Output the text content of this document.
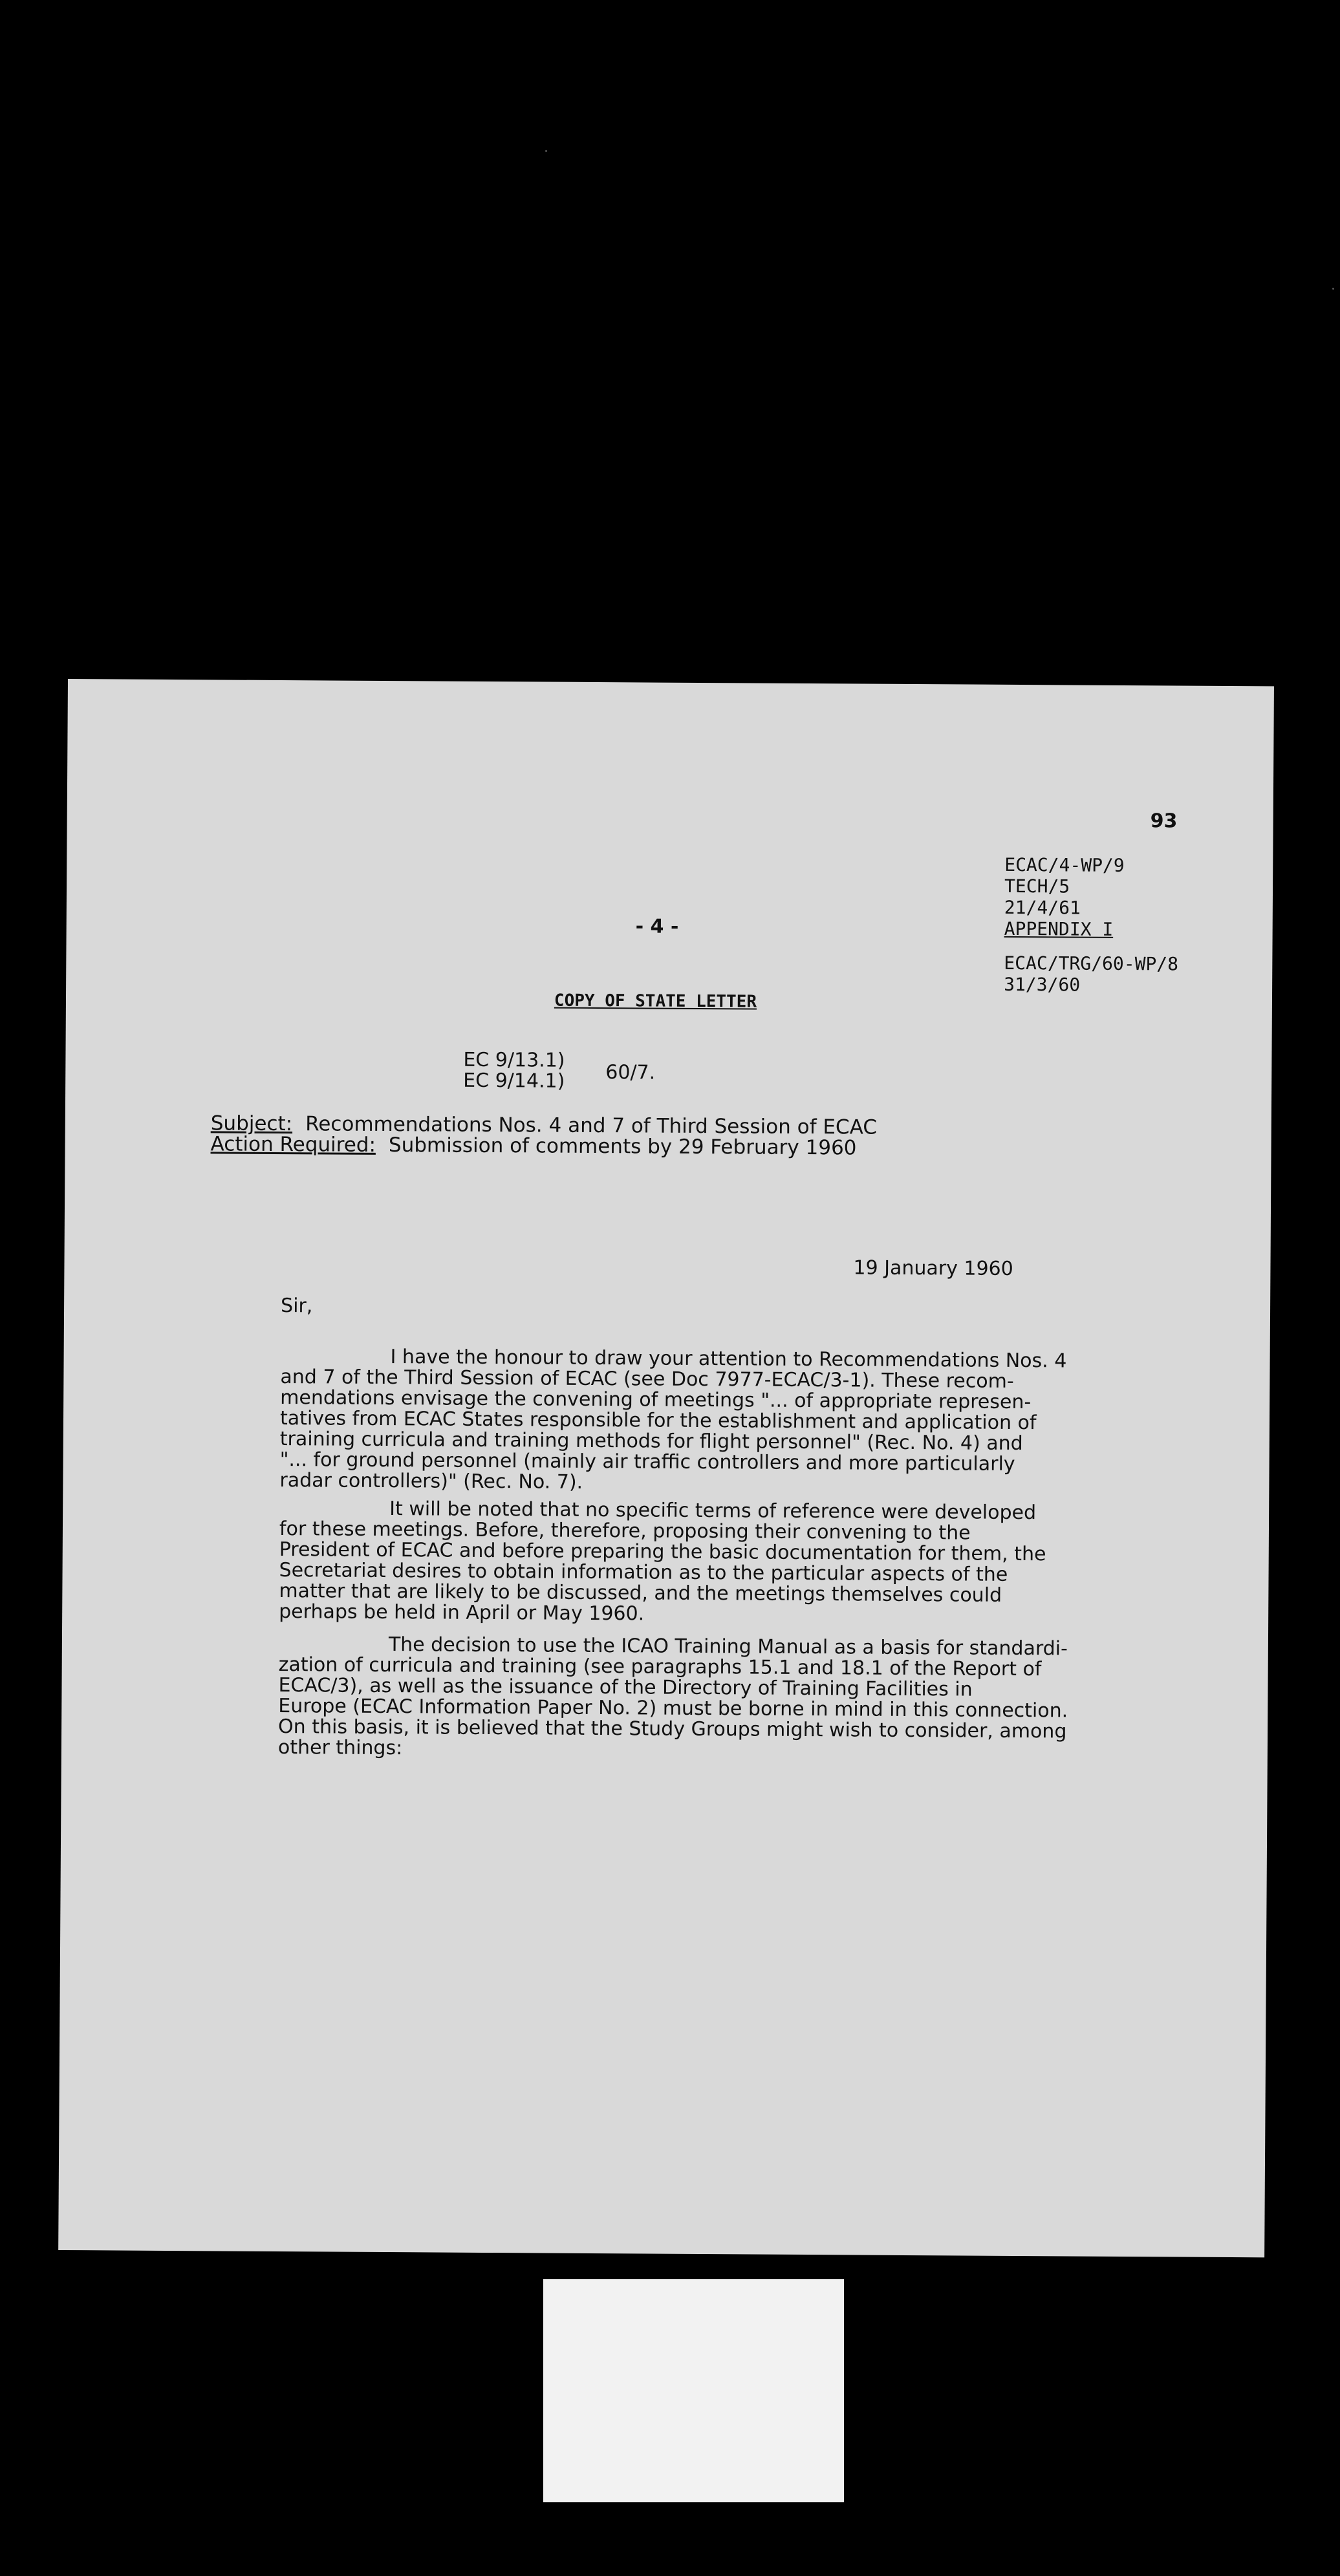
93
ECAC/4-WP/9
TECH/5
21/4/61
APPENDIX I
ECAC/TRG/60-WP/8
31/3/60
- 4 -
COPY OF STATE LETTER
EC 9/13.1)
EC 9/14.1) 60/7.
Subject: Recommendations Nos. 4 and 7 of Third Session of ECAC
Action Required: Submission of comments by 29 February 1960
19 January 1960
Sir,
I have the honour to draw your attention to Recommendations Nos. 4
and 7 of the Third Session of ECAC (see Doc 7977-ECAC/3-1). These recom-
mendations envisage the convening of meetings "... of appropriate represen-
tatives from ECAC States responsible for the establishment and application of
training curricula and training methods for flight personnel" (Rec. No. 4) and
"... for ground personnel (mainly air traffic controllers and more particularly
radar controllers)" (Rec. No. 7).
It will be noted that no specific terms of reference were developed
for these meetings. Before, therefore, proposing their convening to the
President of ECAC and before preparing the basic documentation for them, the
Secretariat desires to obtain information as to the particular aspects of the
matter that are likely to be discussed, and the meetings themselves could
perhaps be held in April or May 1960.
The decision to use the ICAO Training Manual as a basis for standardi-
zation of curricula and training (see paragraphs 15.1 and 18.1 of the Report of
ECAC/3), as well as the issuance of the Directory of Training Facilities in
Europe (ECAC Information Paper No. 2) must be borne in mind in this connection.
On this basis, it is believed that the Study Groups might wish to consider, among
other things:
